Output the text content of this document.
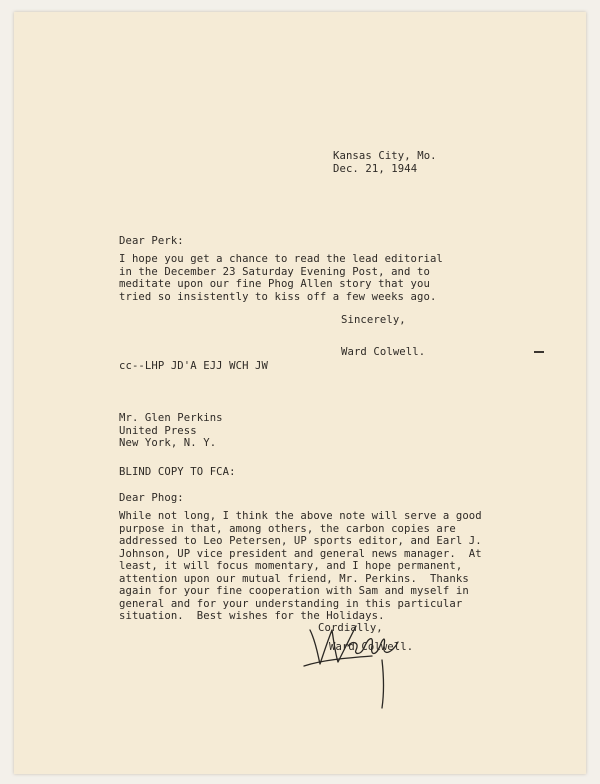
Kansas City, Mo.

Dec. 21, 1944

Dear Perk:

I hope you get a chance to read the lead editorial
in the December 23 Saturday Evening Post, and to
meditate upon our fine Phog Allen story that you
tried so insistently to kiss off a few weeks ago.

Sincerely,

Ward Colwell.

cc--LHP JD'A EJJ WCH JW

Mr. Glen Perkins
United Press
New York, N. Y.

BLIND COPY TO FCA:

Dear Phog:

While not long, I think the above note will serve a good
purpose in that, among others, the carbon copies are
addressed to Leo Petersen, UP sports editor, and Earl J.
Johnson, UP vice president and general news manager.  At
least, it will focus momentary, and I hope permanent,
attention upon our mutual friend, Mr. Perkins.  Thanks
again for your fine cooperation with Sam and myself in
general and for your understanding in this particular
situation.  Best wishes for the Holidays.

Cordially,

Ward Colwell.
